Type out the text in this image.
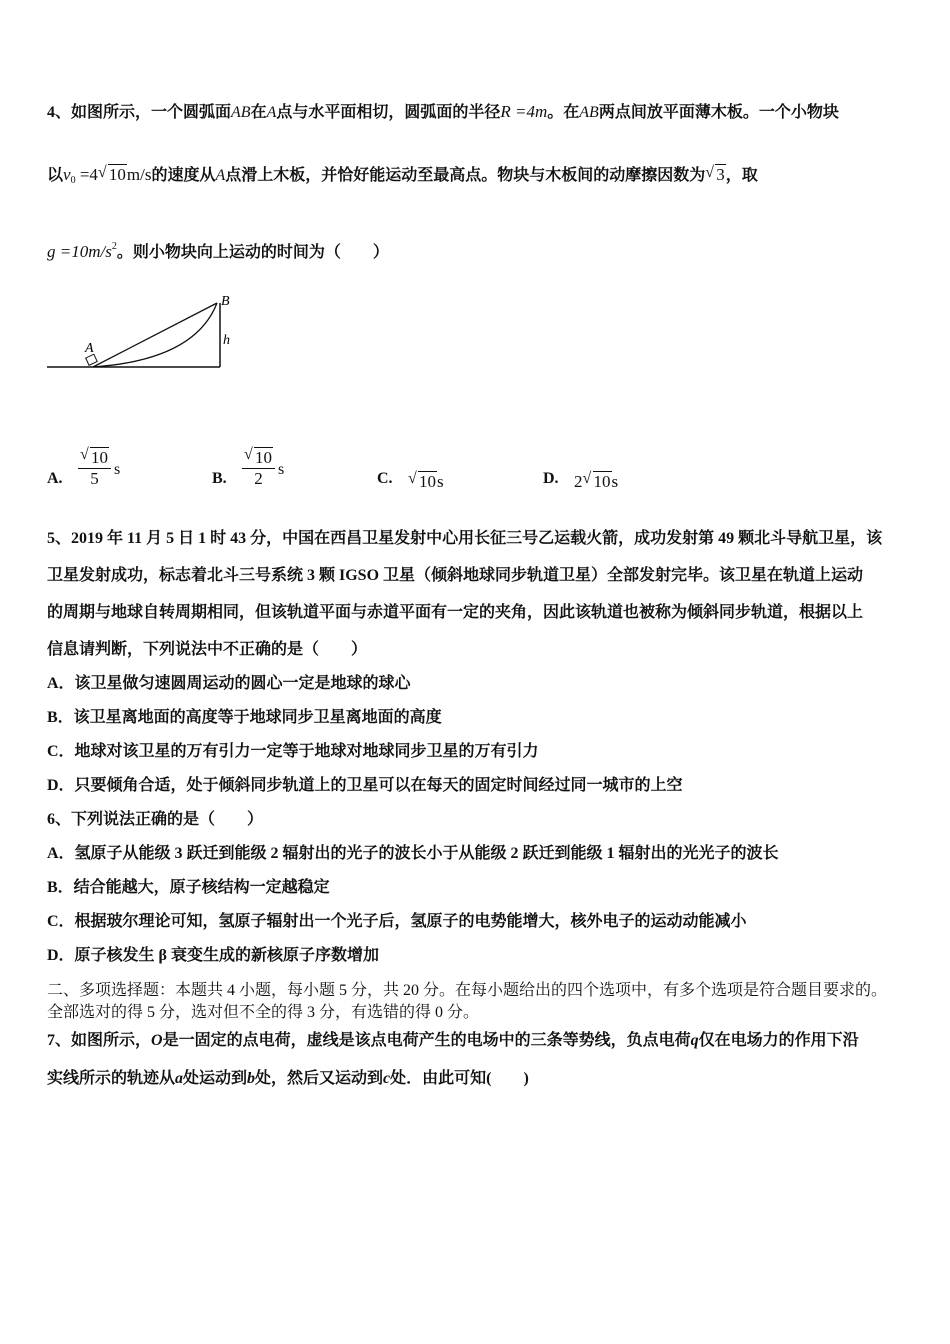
4、如图所示，一个圆弧面AB在A点与水平面相切，圆弧面的半径R =4m。在AB两点间放平面薄木板。一个小物块
以$v_0 =4$ √ 10m/s的速度从A点滑上木板，并恰好能运动至最高点。物块与木板间的动摩擦因数为 √ 3，取
$g =10m/s^2$。则小物块向上运动的时间为（　　）
A
B
h
A. $\frac{√ 10}{5}$ s
B. $\frac{√ 10}{2}$ s
C. √ 10s	D. 2 √ 10s
5、2019 年 11 月 5 日 1 时 43 分，中国在西昌卫星发射中心用长征三号乙运载火箭，成功发射第 49 颗北斗导航卫星，该
卫星发射成功，标志着北斗三号系统 3 颗 IGSO 卫星（倾斜地球同步轨道卫星）全部发射完毕。该卫星在轨道上运动
的周期与地球自转周期相同，但该轨道平面与赤道平面有一定的夹角，因此该轨道也被称为倾斜同步轨道，根据以上
信息请判断，下列说法中不正确的是（　　）
A．该卫星做匀速圆周运动的圆心一定是地球的球心
B．该卫星离地面的高度等于地球同步卫星离地面的高度
C．地球对该卫星的万有引力一定等于地球对地球同步卫星的万有引力
D．只要倾角合适，处于倾斜同步轨道上的卫星可以在每天的固定时间经过同一城市的上空
6、下列说法正确的是（　　）
A．氢原子从能级 3 跃迁到能级 2 辐射出的光子的波长小于从能级 2 跃迁到能级 1 辐射出的光光子的波长
B．结合能越大，原子核结构一定越稳定
C．根据玻尔理论可知，氢原子辐射出一个光子后，氢原子的电势能增大，核外电子的运动动能减小
D．原子核发生 β 衰变生成的新核原子序数增加
二、多项选择题：本题共 4 小题，每小题 5 分，共 20 分。在每小题给出的四个选项中，有多个选项是符合题目要求的。
全部选对的得 5 分，选对但不全的得 3 分，有选错的得 0 分。
7、如图所示，O是一固定的点电荷，虚线是该点电荷产生的电场中的三条等势线，负点电荷q仅在电场力的作用下沿
实线所示的轨迹从a处运动到b处，然后又运动到c处．由此可知(　　)
